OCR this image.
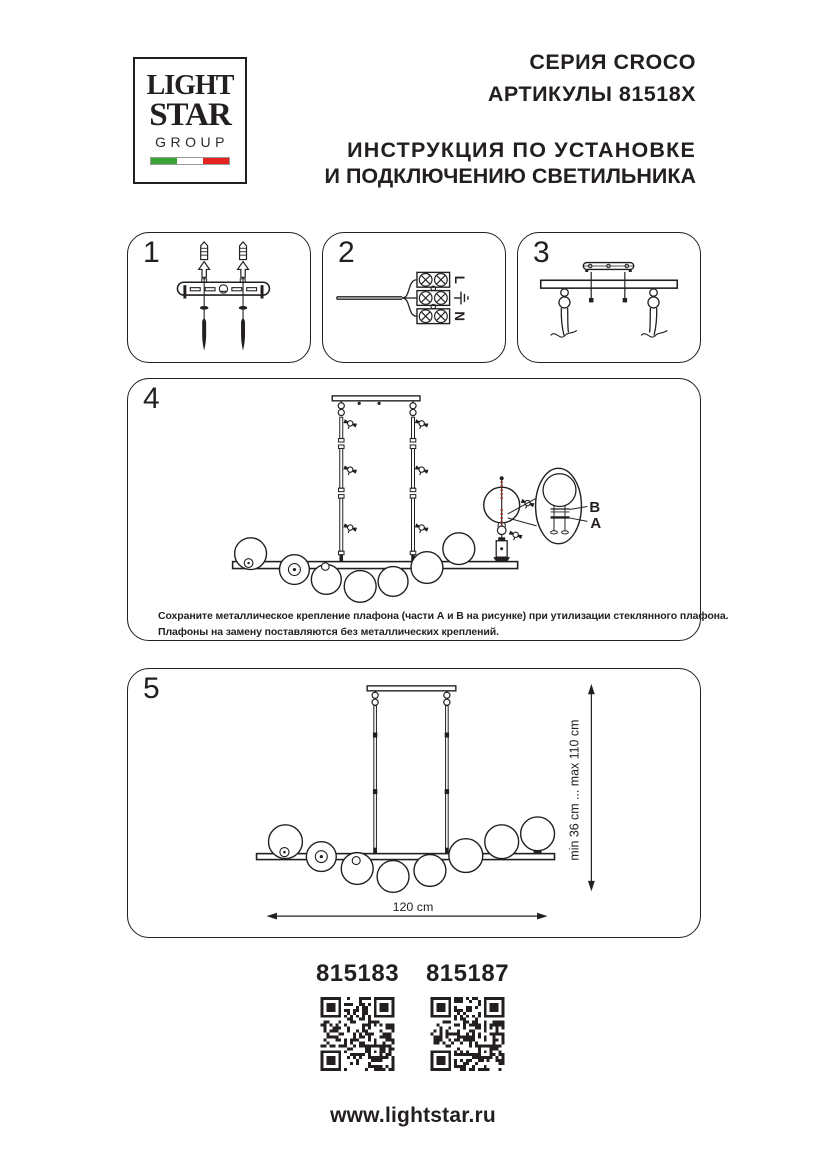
LIGHT
STAR
GROUP
СЕРИЯ CROCO
АРТИКУЛЫ 81518X
ИНСТРУКЦИЯ ПО УСТАНОВКЕ
И ПОДКЛЮЧЕНИЮ СВЕТИЛЬНИКА
1
L
N
2	3
B
A
Сохраните металлическое крепление плафона (части А и В на рисунке) при утилизации стеклянного плафона.
Плафоны на замену поставляются без металлических креплений.
4
min 36 cm ... max 110 cm
120 cm
5
815183	815187
www.lightstar.ru
